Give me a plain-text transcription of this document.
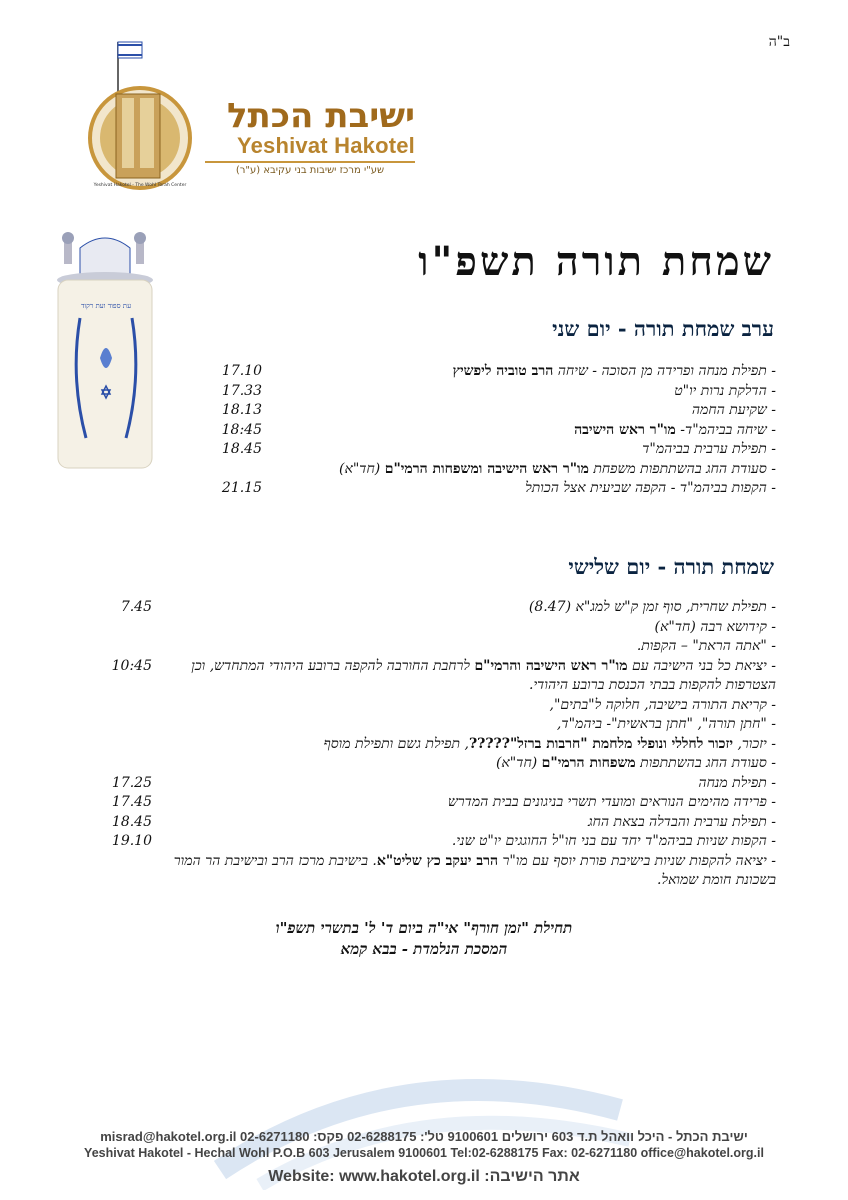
ב"ה
Yeshivat Hakotel - The Wohl Torah Center
ישיבת הכתל
Yeshivat Hakotel
שע"י מרכז ישיבות בני עקיבא (ע"ר)
עת ספוד ועת רקוד
שמחת תורה תשפ"ו
ערב שמחת תורה - יום שני
- תפילת מנחה ופרידה מן הסוכה - שיחה הרב טוביה ליפשיץ
17.10
- הדלקת נרות יו"ט
17.33
- שקיעת החמה
18.13
- שיחה בביהמ"ד- מו"ר ראש הישיבה
18:45
- תפילת ערבית בביהמ"ד
18.45
- סעודת החג בהשתתפות משפחת מו"ר ראש הישיבה ומשפחות הרמי"ם (חד"א)
- הקפות בביהמ"ד - הקפה שביעית אצל הכותל
21.15
שמחת תורה - יום שלישי
- תפילת שחרית, סוף זמן ק"ש למג"א (8.47)
7.45
- קידושא רבה (חד"א)
- "אתה הראת" – הקפות.
- יציאת כל בני הישיבה עם מו"ר ראש הישיבה והרמי"ם לרחבת החורבה להקפה ברובע היהודי המתחדש, וכן הצטרפות להקפות בבתי הכנסת ברובע היהודי.
10:45
- קריאת התורה בישיבה, חלוקה ל"בתים",
- "חתן תורה", "חתן בראשית"- ביהמ"ד,
- יזכור, יזכור לחללי ונופלי מלחמת "חרבות ברזל"?????, תפילת גשם ותפילת מוסף
- סעודת החג בהשתתפות משפחות הרמי"ם (חד"א)
- תפילת מנחה
17.25
- פרידה מהימים הנוראים ומועדי תשרי בניגונים בבית המדרש
17.45
- תפילת ערבית והבדלה בצאת החג
18.45
- הקפות שניות בביהמ"ד יחד עם בני חו"ל החוגגים יו"ט שני.
19.10
- יציאה להקפות שניות בישיבת פורת יוסף עם מו"ר הרב יעקב כץ שליט"א. בישיבת מרכז הרב ובישיבת הר המור בשכונת חומת שמואל.
תחילת "זמן חורף" אי"ה ביום ד' ל' בתשרי תשפ"ו
המסכת הנלמדת - בבא קמא
ישיבת הכתל - היכל וואהל ת.ד 603 ירושלים 9100601 טל': 02-6288175 פקס: 02-6271180 misrad@hakotel.org.il
Yeshivat Hakotel - Hechal Wohl P.O.B 603 Jerusalem 9100601 Tel:02-6288175 Fax: 02-6271180 office@hakotel.org.il
אתר הישיבה: Website: www.hakotel.org.il
